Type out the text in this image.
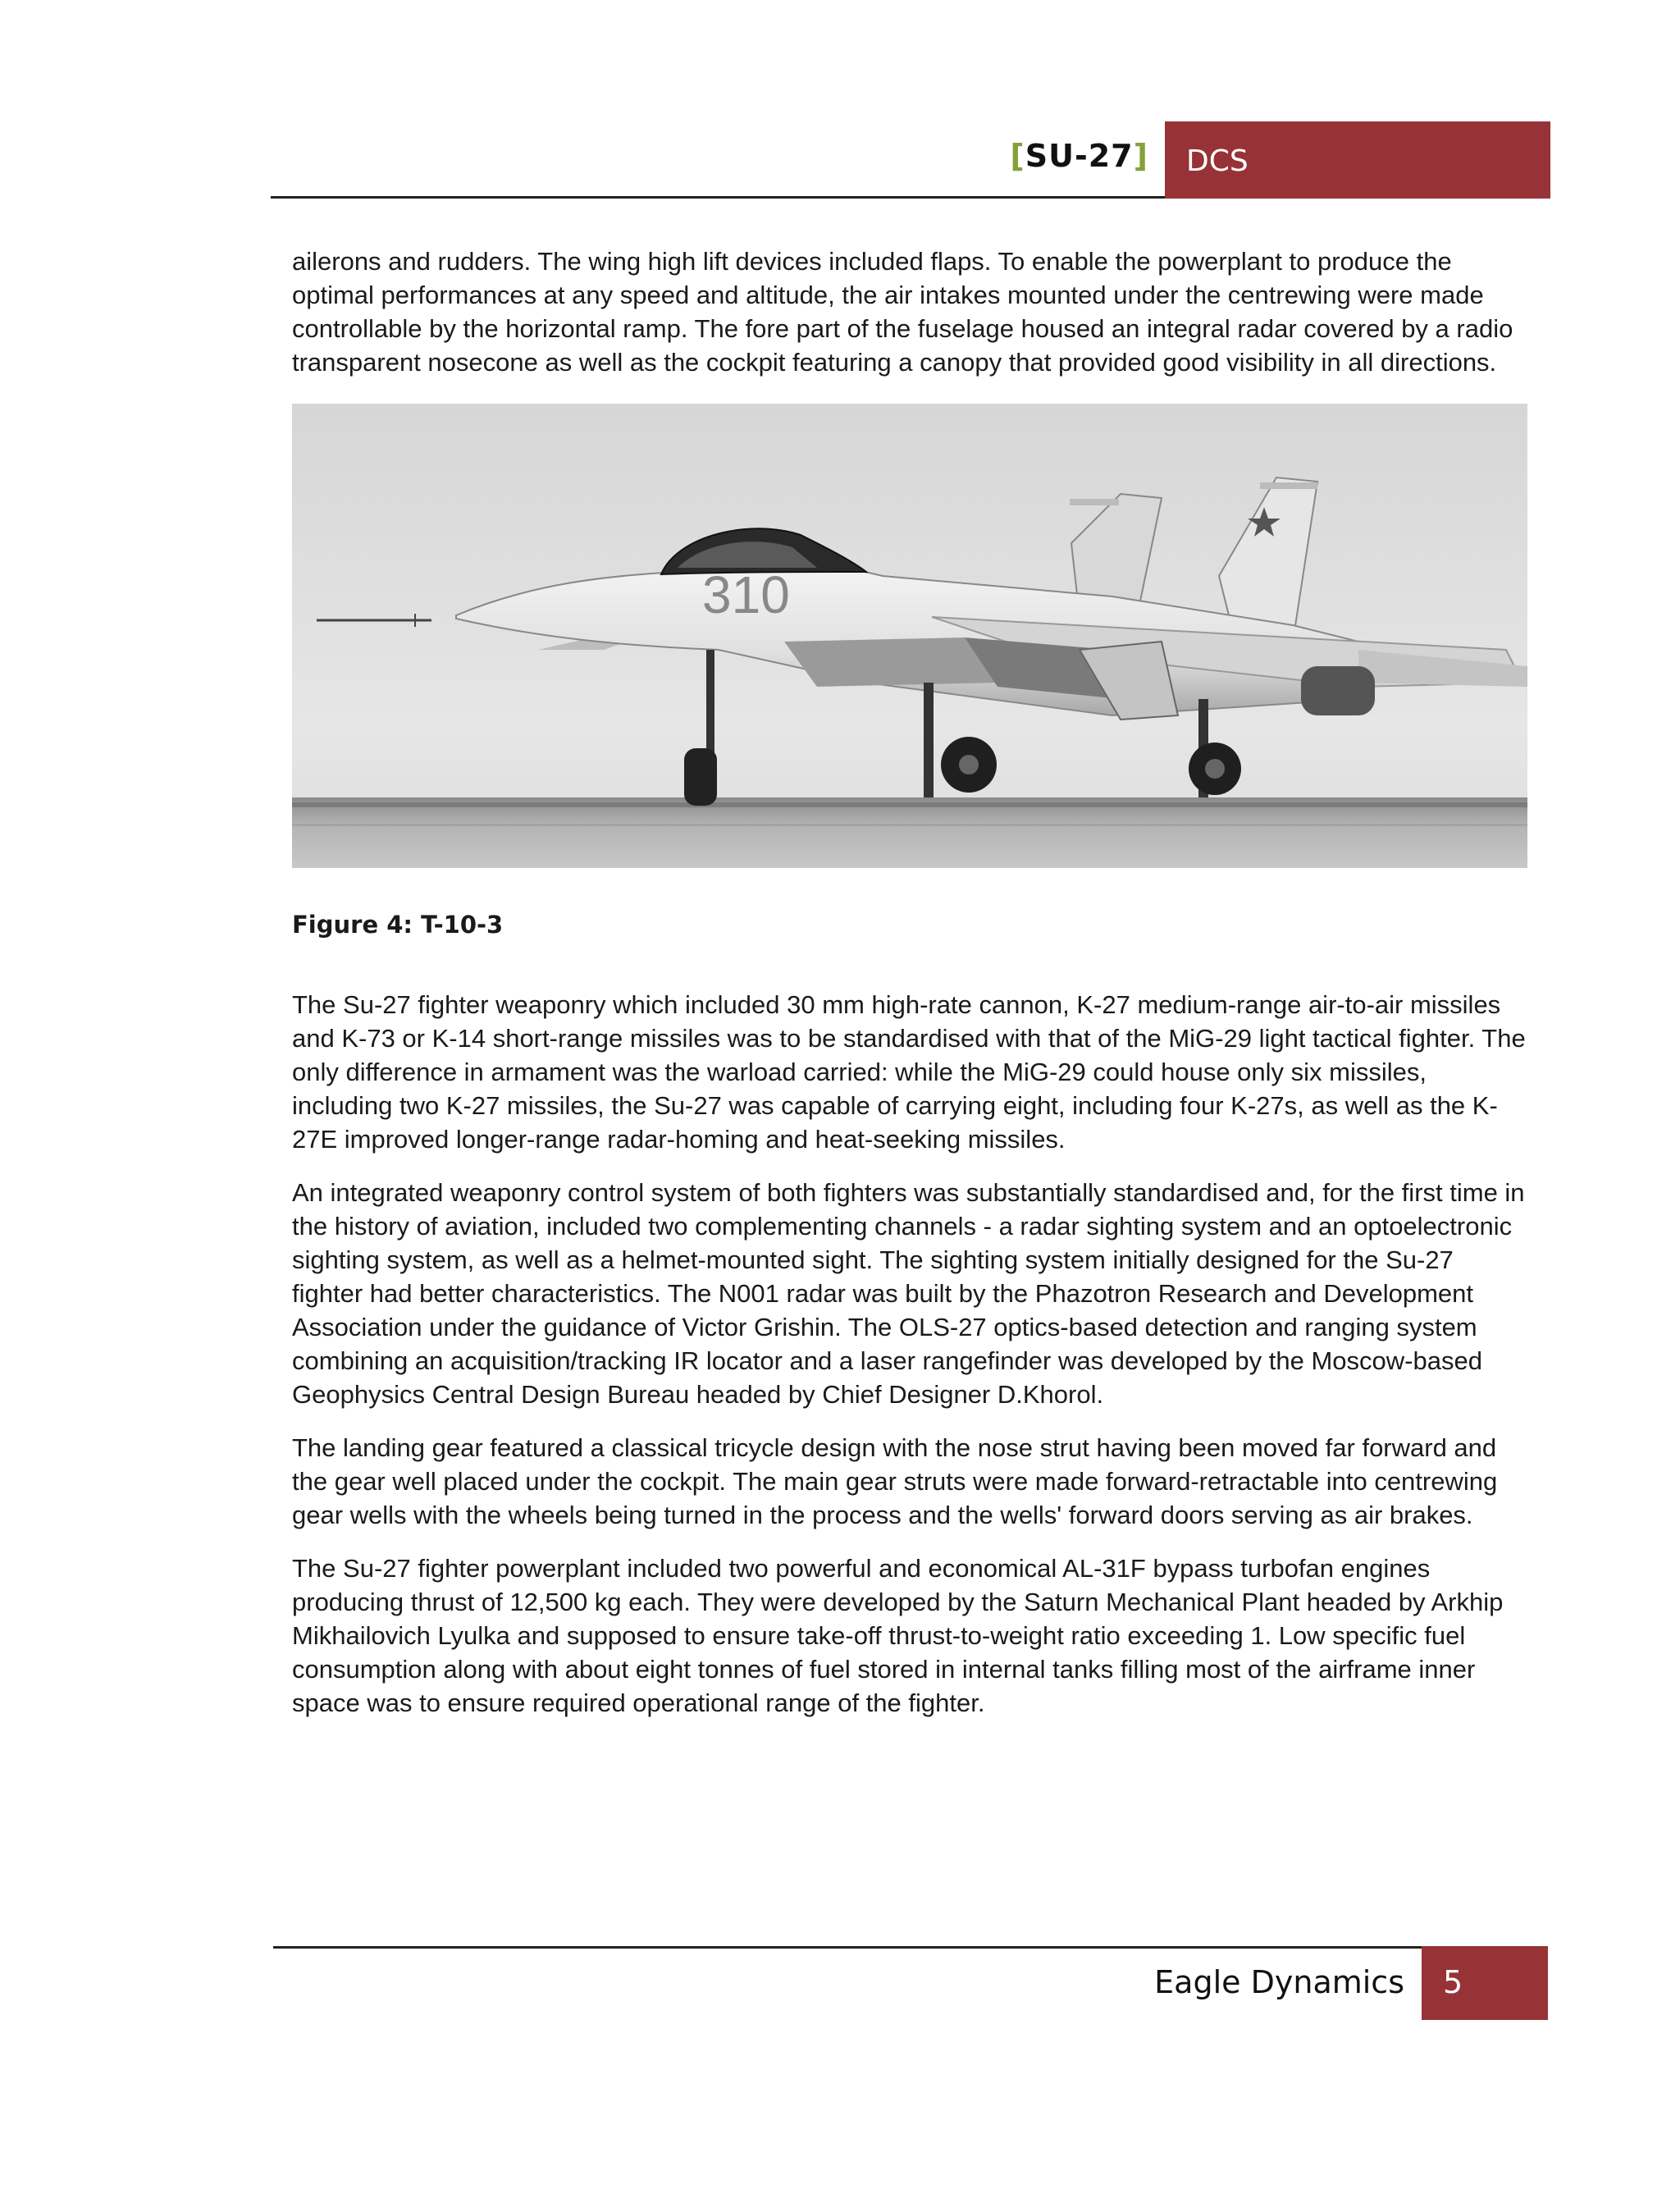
[SU-27] DCS

ailerons and rudders. The wing high lift devices included flaps. To enable the powerplant to produce the optimal performances at any speed and altitude, the air intakes mounted under the centrewing were made controllable by the horizontal ramp. The fore part of the fuselage housed an integral radar covered by a radio transparent nosecone as well as the cockpit featuring a canopy that provided good visibility in all directions.

310

Figure 4: T-10-3

The Su-27 fighter weaponry which included 30 mm high-rate cannon, K-27 medium-range air-to-air missiles and K-73 or K-14 short-range missiles was to be standardised with that of the MiG-29 light tactical fighter. The only difference in armament was the warload carried: while the MiG-29 could house only six missiles, including two K-27 missiles, the Su-27 was capable of carrying eight, including four K-27s, as well as the K-27E improved longer-range radar-homing and heat-seeking missiles.

An integrated weaponry control system of both fighters was substantially standardised and, for the first time in the history of aviation, included two complementing channels - a radar sighting system and an optoelectronic sighting system, as well as a helmet-mounted sight. The sighting system initially designed for the Su-27 fighter had better characteristics. The N001 radar was built by the Phazotron Research and Development Association under the guidance of Victor Grishin. The OLS-27 optics-based detection and ranging system combining an acquisition/tracking IR locator and a laser rangefinder was developed by the Moscow-based Geophysics Central Design Bureau headed by Chief Designer D.Khorol.

The landing gear featured a classical tricycle design with the nose strut having been moved far forward and the gear well placed under the cockpit. The main gear struts were made forward-retractable into centrewing gear wells with the wheels being turned in the process and the wells' forward doors serving as air brakes.

The Su-27 fighter powerplant included two powerful and economical AL-31F bypass turbofan engines producing thrust of 12,500 kg each. They were developed by the Saturn Mechanical Plant headed by Arkhip Mikhailovich Lyulka and supposed to ensure take-off thrust-to-weight ratio exceeding 1. Low specific fuel consumption along with about eight tonnes of fuel stored in internal tanks filling most of the airframe inner space was to ensure required operational range of the fighter.

Eagle Dynamics 5
